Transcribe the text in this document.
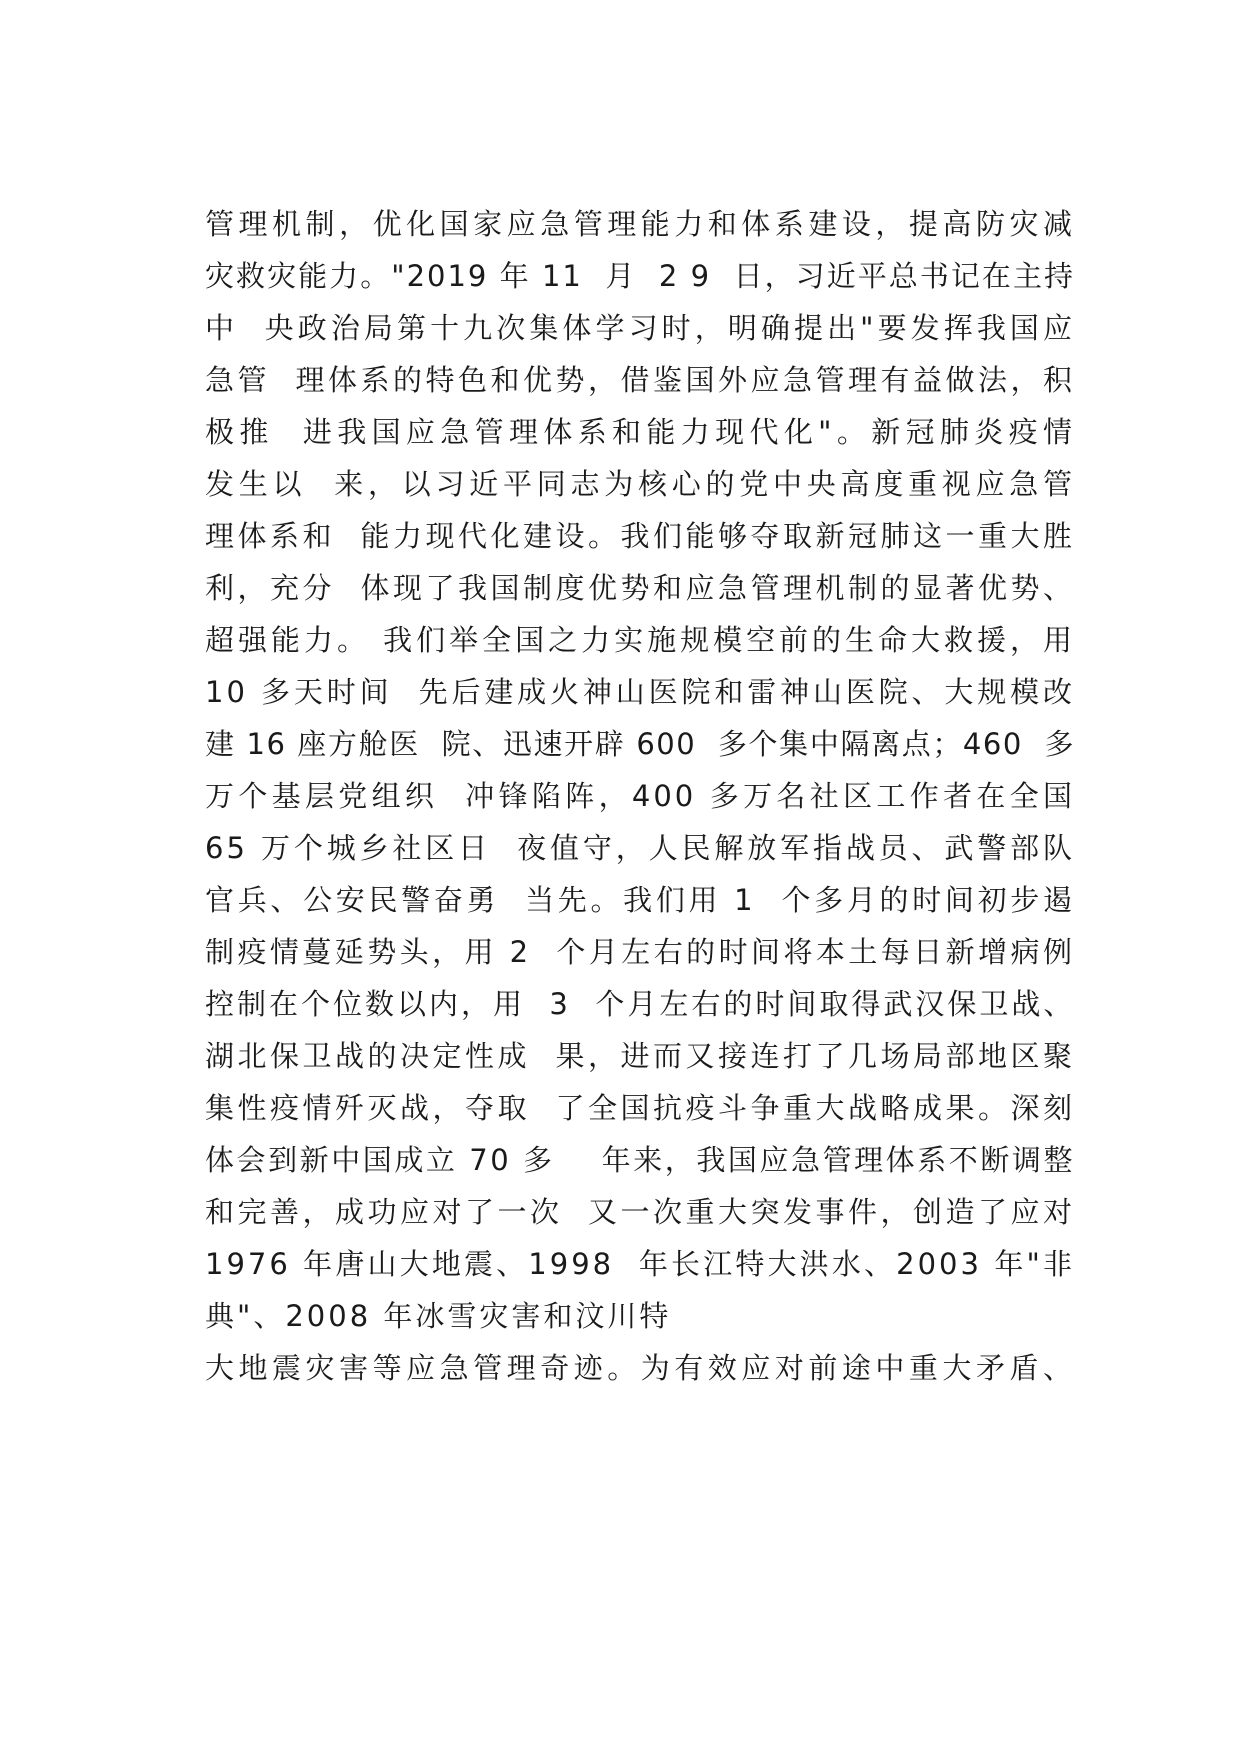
管理机制，优化国家应急管理能力和体系建设，提高防灾减
灾救灾能力。"2019 年 11  月  2 9  日，习近平总书记在主持
中  央政治局第十九次集体学习时，明确提出"要发挥我国应
急管  理体系的特色和优势，借鉴国外应急管理有益做法，积
极推  进我国应急管理体系和能力现代化"。新冠肺炎疫情
发生以  来，以习近平同志为核心的党中央高度重视应急管
理体系和  能力现代化建设。我们能够夺取新冠肺这一重大胜
利，充分  体现了我国制度优势和应急管理机制的显著优势、
超强能力。 我们举全国之力实施规模空前的生命大救援，用
10 多天时间  先后建成火神山医院和雷神山医院、大规模改
建 16 座方舱医  院、迅速开辟 600  多个集中隔离点；460  多
万个基层党组织  冲锋陷阵，400 多万名社区工作者在全国
65 万个城乡社区日  夜值守，人民解放军指战员、武警部队
官兵、公安民警奋勇  当先。我们用 1  个多月的时间初步遏
制疫情蔓延势头，用 2  个月左右的时间将本土每日新增病例
控制在个位数以内，用  3  个月左右的时间取得武汉保卫战、
湖北保卫战的决定性成  果，进而又接连打了几场局部地区聚
集性疫情歼灭战，夺取  了全国抗疫斗争重大战略成果。深刻
体会到新中国成立 70 多    年来，我国应急管理体系不断调整
和完善，成功应对了一次  又一次重大突发事件，创造了应对
1976 年唐山大地震、1998  年长江特大洪水、2003 年"非
典"、2008 年冰雪灾害和汶川特
大地震灾害等应急管理奇迹。为有效应对前途中重大矛盾、
